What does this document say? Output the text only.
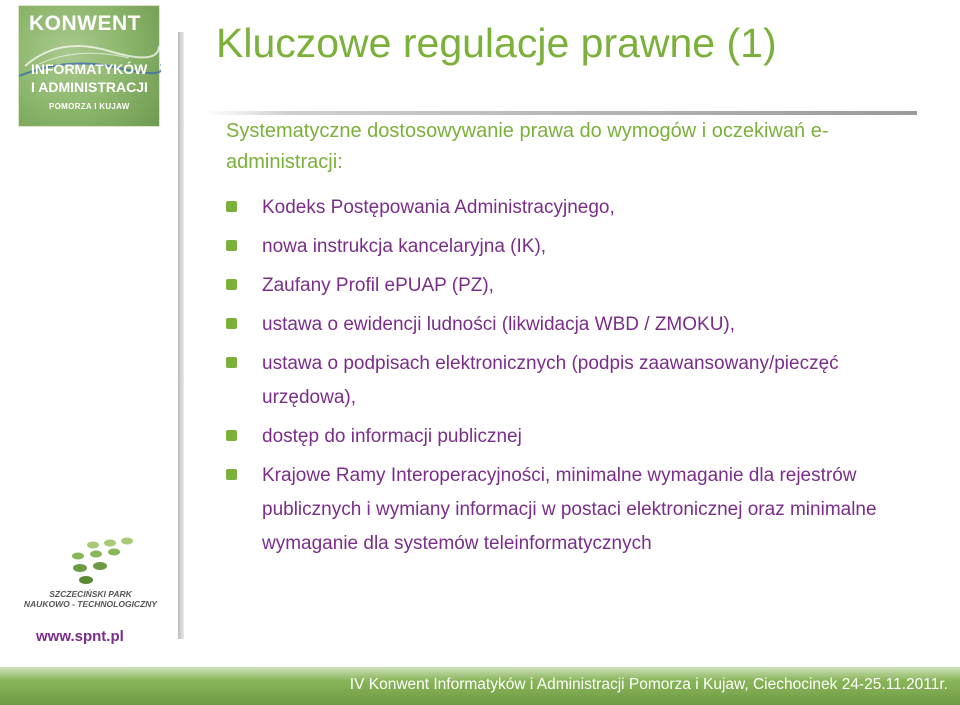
KONWENT
INFORMATYKÓW
I ADMINISTRACJI
POMORZA I KUJAW
Kluczowe regulacje prawne (1)
Systematyczne dostosowywanie prawa do wymogów i oczekiwań e-administracji:
Kodeks Postępowania Administracyjnego,
nowa instrukcja kancelaryjna (IK),
Zaufany Profil ePUAP (PZ),
ustawa o ewidencji ludności (likwidacja WBD / ZMOKU),
ustawa o podpisach elektronicznych (podpis zaawansowany/pieczęć urzędowa),
dostęp do informacji publicznej
Krajowe Ramy Interoperacyjności, minimalne wymaganie dla rejestrów publicznych i wymiany informacji w postaci elektronicznej oraz minimalne wymaganie dla systemów teleinformatycznych
SZCZECIŃSKI PARK
NAUKOWO - TECHNOLOGICZNY
www.spnt.pl
IV Konwent Informatyków i Administracji Pomorza i Kujaw, Ciechocinek 24-25.11.2011r.
